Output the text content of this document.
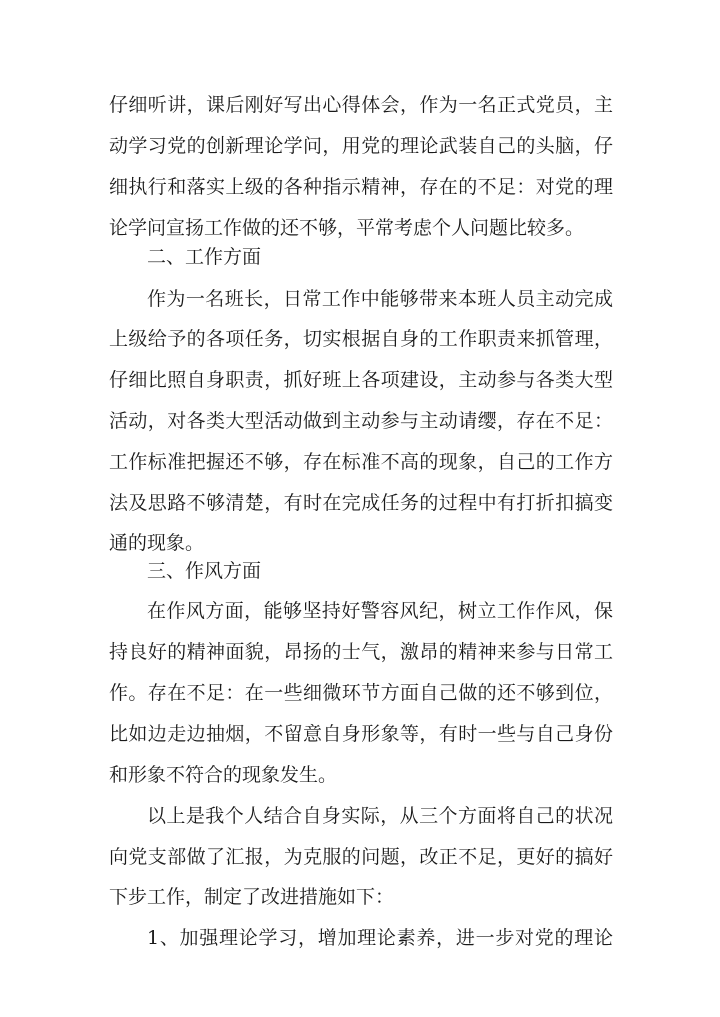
仔细听讲，课后刚好写出心得体会，作为一名正式党员，主
动学习党的创新理论学问，用党的理论武装自己的头脑，仔
细执行和落实上级的各种指示精神，存在的不足：对党的理
论学问宣扬工作做的还不够，平常考虑个人问题比较多。
二、工作方面
作为一名班长，日常工作中能够带来本班人员主动完成
上级给予的各项任务，切实根据自身的工作职责来抓管理，
仔细比照自身职责，抓好班上各项建设，主动参与各类大型
活动，对各类大型活动做到主动参与主动请缨，存在不足：
工作标准把握还不够，存在标准不高的现象，自己的工作方
法及思路不够清楚，有时在完成任务的过程中有打折扣搞变
通的现象。
三、作风方面
在作风方面，能够坚持好警容风纪，树立工作作风，保
持良好的精神面貌，昂扬的士气，激昂的精神来参与日常工
作。存在不足：在一些细微环节方面自己做的还不够到位，
比如边走边抽烟，不留意自身形象等，有时一些与自己身份
和形象不符合的现象发生。
以上是我个人结合自身实际，从三个方面将自己的状况
向党支部做了汇报，为克服的问题，改正不足，更好的搞好
下步工作，制定了改进措施如下：
1、加强理论学习，增加理论素养，进一步对党的理论
